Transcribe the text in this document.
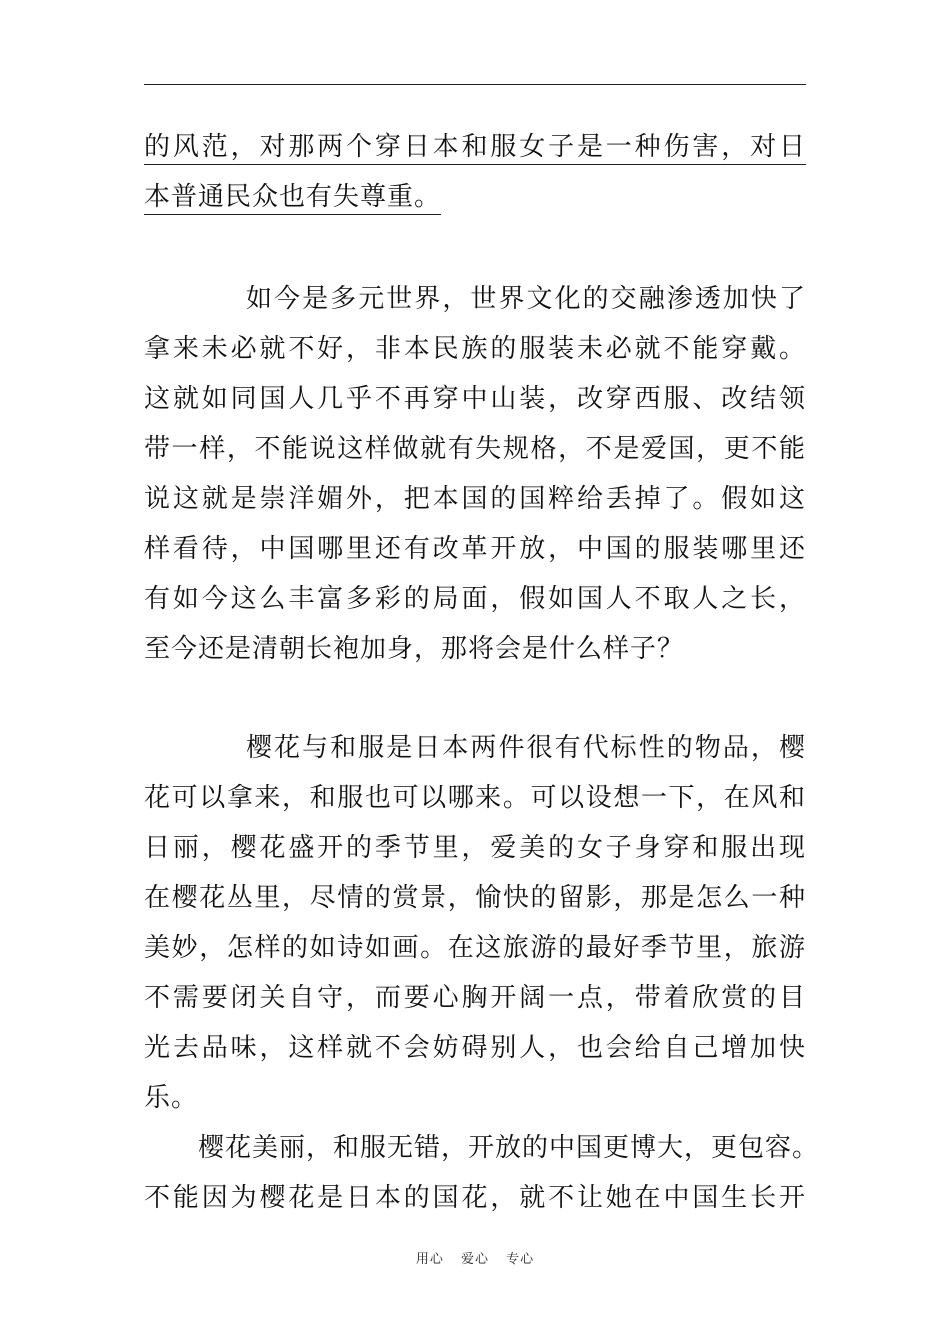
的风范，对那两个穿日本和服女子是一种伤害，对日
本普通民众也有失尊重。
如今是多元世界，世界文化的交融渗透加快了
拿来未必就不好，非本民族的服装未必就不能穿戴。
这就如同国人几乎不再穿中山装，改穿西服、改结领
带一样，不能说这样做就有失规格，不是爱国，更不能
说这就是崇洋媚外，把本国的国粹给丢掉了。假如这
样看待，中国哪里还有改革开放，中国的服装哪里还
有如今这么丰富多彩的局面，假如国人不取人之长，
至今还是清朝长袍加身，那将会是什么样子？
樱花与和服是日本两件很有代标性的物品，樱
花可以拿来，和服也可以哪来。可以设想一下，在风和
日丽，樱花盛开的季节里，爱美的女子身穿和服出现
在樱花丛里，尽情的赏景，愉快的留影，那是怎么一种
美妙，怎样的如诗如画。在这旅游的最好季节里，旅游
不需要闭关自守，而要心胸开阔一点，带着欣赏的目
光去品味，这样就不会妨碍别人，也会给自己增加快
乐。
樱花美丽，和服无错，开放的中国更博大，更包容。
不能因为樱花是日本的国花，就不让她在中国生长开
用心 爱心 专心
